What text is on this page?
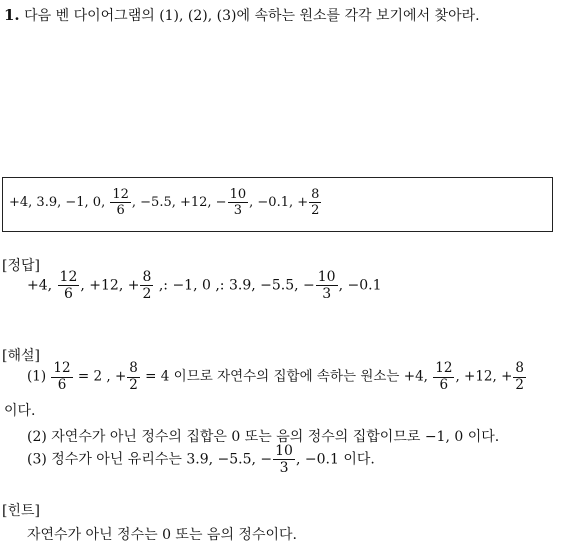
1. 다음 벤 다이어그램의 (1), (2), (3)에 속하는 원소를 각각 보기에서 찾아라.
+4, 3.9, −1, 0, $\frac{12}{6}$ , −5.5, +12, − $\frac{10}{3}$ , −0.1, + $\frac{8}{2}$
[정답]
+4, $\frac{12}{6}$ , +12, + $\frac{8}{2}$ ,: −1, 0 ,: 3.9, −5.5, − $\frac{10}{3}$ , −0.1
[해설]
$(1) \frac{12}{6} = 2$ , + $\frac{8}{2} = 4$ 이므로 자연수의 집합에 속하는 원소는 +4, $\frac{12}{6}$ , +12, + $\frac{8}{2}$
이다.
(2) 자연수가 아닌 정수의 집합은 0 또는 음의 정수의 집합이므로 −1, 0 이다.
(3) 정수가 아닌 유리수는 3.9, −5.5, − $\frac{10}{3}$ , −0.1 이다.
[힌트]
자연수가 아닌 정수는 0 또는 음의 정수이다.
